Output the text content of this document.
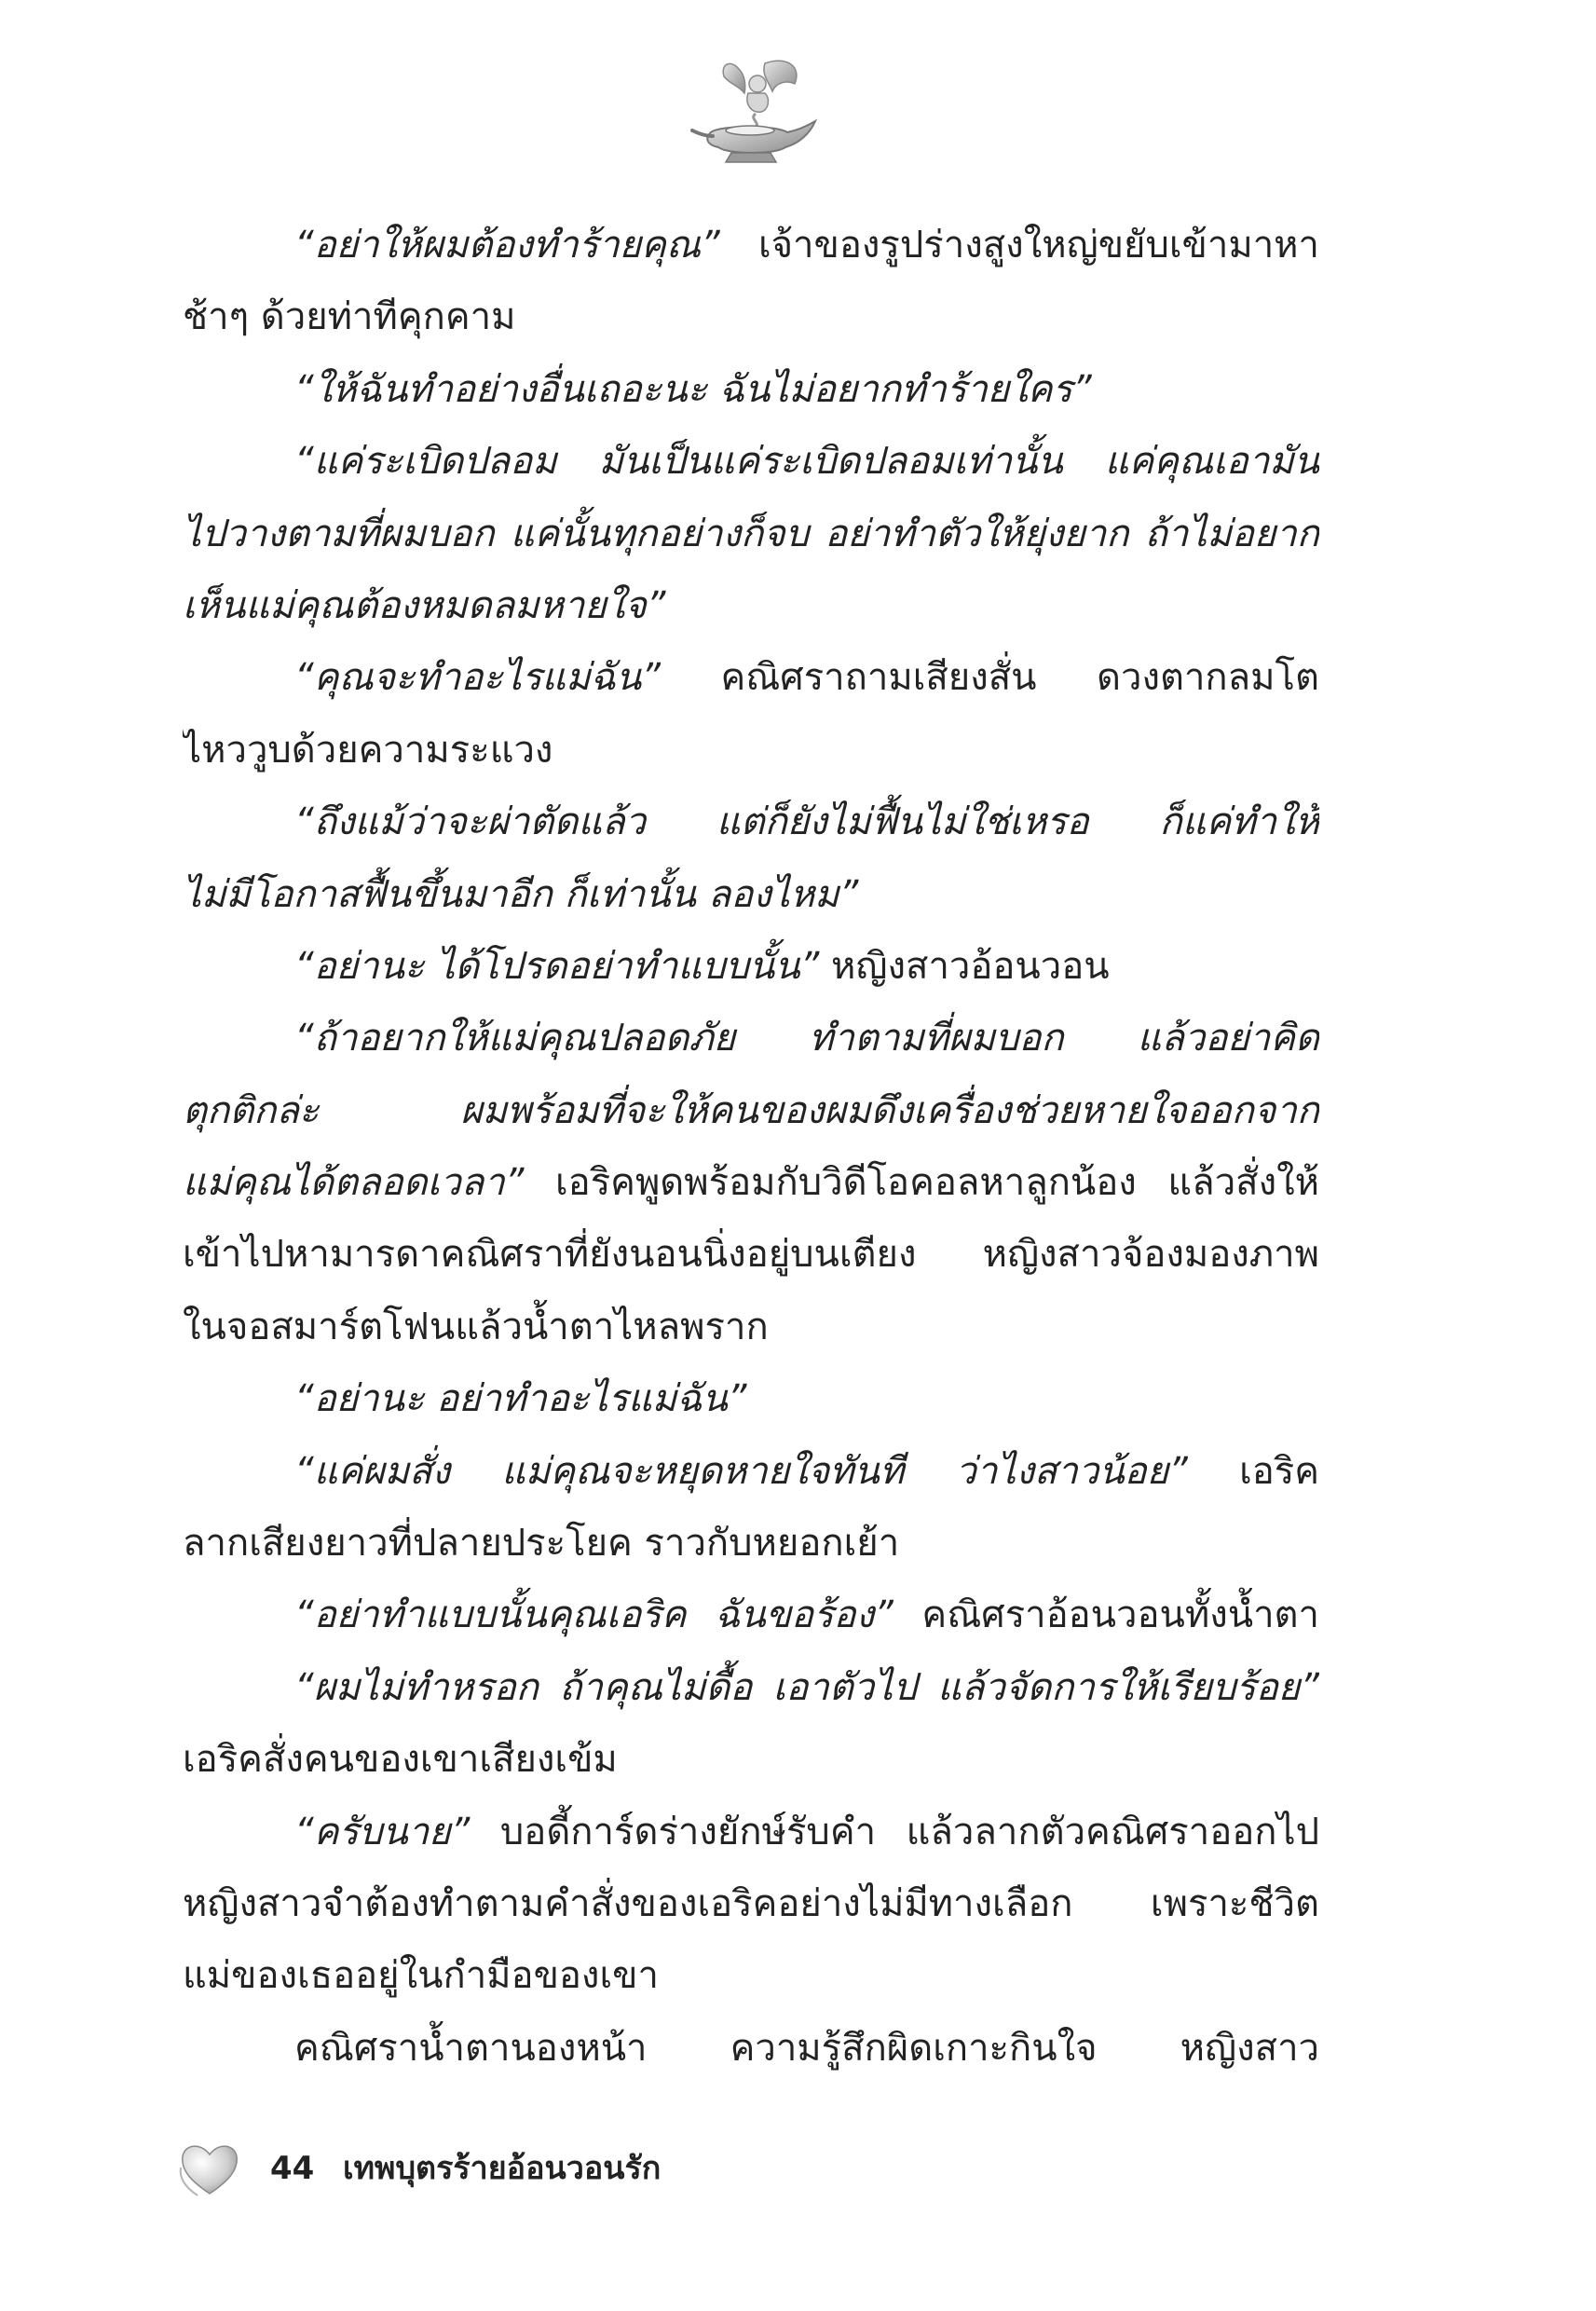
“อย่าให้ผมต้องทำร้ายคุณ” เจ้าของรูปร่างสูงใหญ่ขยับเข้ามาหา
ช้าๆ ด้วยท่าทีคุกคาม
“ให้ฉันทำอย่างอื่นเถอะนะ ฉันไม่อยากทำร้ายใคร”
“แค่ระเบิดปลอม มันเป็นแค่ระเบิดปลอมเท่านั้น แค่คุณเอามัน
ไปวางตามที่ผมบอก แค่นั้นทุกอย่างก็จบ อย่าทำตัวให้ยุ่งยาก ถ้าไม่อยาก
เห็นแม่คุณต้องหมดลมหายใจ”
“คุณจะทำอะไรแม่ฉัน” คณิศราถามเสียงสั่น ดวงตากลมโต
ไหววูบด้วยความระแวง
“ถึงแม้ว่าจะผ่าตัดแล้ว แต่ก็ยังไม่ฟื้นไม่ใช่เหรอ ก็แค่ทำให้
ไม่มีโอกาสฟื้นขึ้นมาอีก ก็เท่านั้น ลองไหม”
“อย่านะ ได้โปรดอย่าทำแบบนั้น” หญิงสาวอ้อนวอน
“ถ้าอยากให้แม่คุณปลอดภัย ทำตามที่ผมบอก แล้วอย่าคิด
ตุกติกล่ะ ผมพร้อมที่จะให้คนของผมดึงเครื่องช่วยหายใจออกจาก
แม่คุณได้ตลอดเวลา” เอริคพูดพร้อมกับวิดีโอคอลหาลูกน้อง แล้วสั่งให้
เข้าไปหามารดาคณิศราที่ยังนอนนิ่งอยู่บนเตียง หญิงสาวจ้องมองภาพ
ในจอสมาร์ตโฟนแล้วน้ำตาไหลพราก
“อย่านะ อย่าทำอะไรแม่ฉัน”
“แค่ผมสั่ง แม่คุณจะหยุดหายใจทันที ว่าไงสาวน้อย” เอริค
ลากเสียงยาวที่ปลายประโยค ราวกับหยอกเย้า
“อย่าทำแบบนั้นคุณเอริค ฉันขอร้อง” คณิศราอ้อนวอนทั้งน้ำตา
“ผมไม่ทำหรอก ถ้าคุณไม่ดื้อ เอาตัวไป แล้วจัดการให้เรียบร้อย”
เอริคสั่งคนของเขาเสียงเข้ม
“ครับนาย” บอดี้การ์ดร่างยักษ์รับคำ แล้วลากตัวคณิศราออกไป
หญิงสาวจำต้องทำตามคำสั่งของเอริคอย่างไม่มีทางเลือก เพราะชีวิต
แม่ของเธออยู่ในกำมือของเขา
คณิศราน้ำตานองหน้า ความรู้สึกผิดเกาะกินใจ หญิงสาว
44 เทพบุตรร้ายอ้อนวอนรัก
